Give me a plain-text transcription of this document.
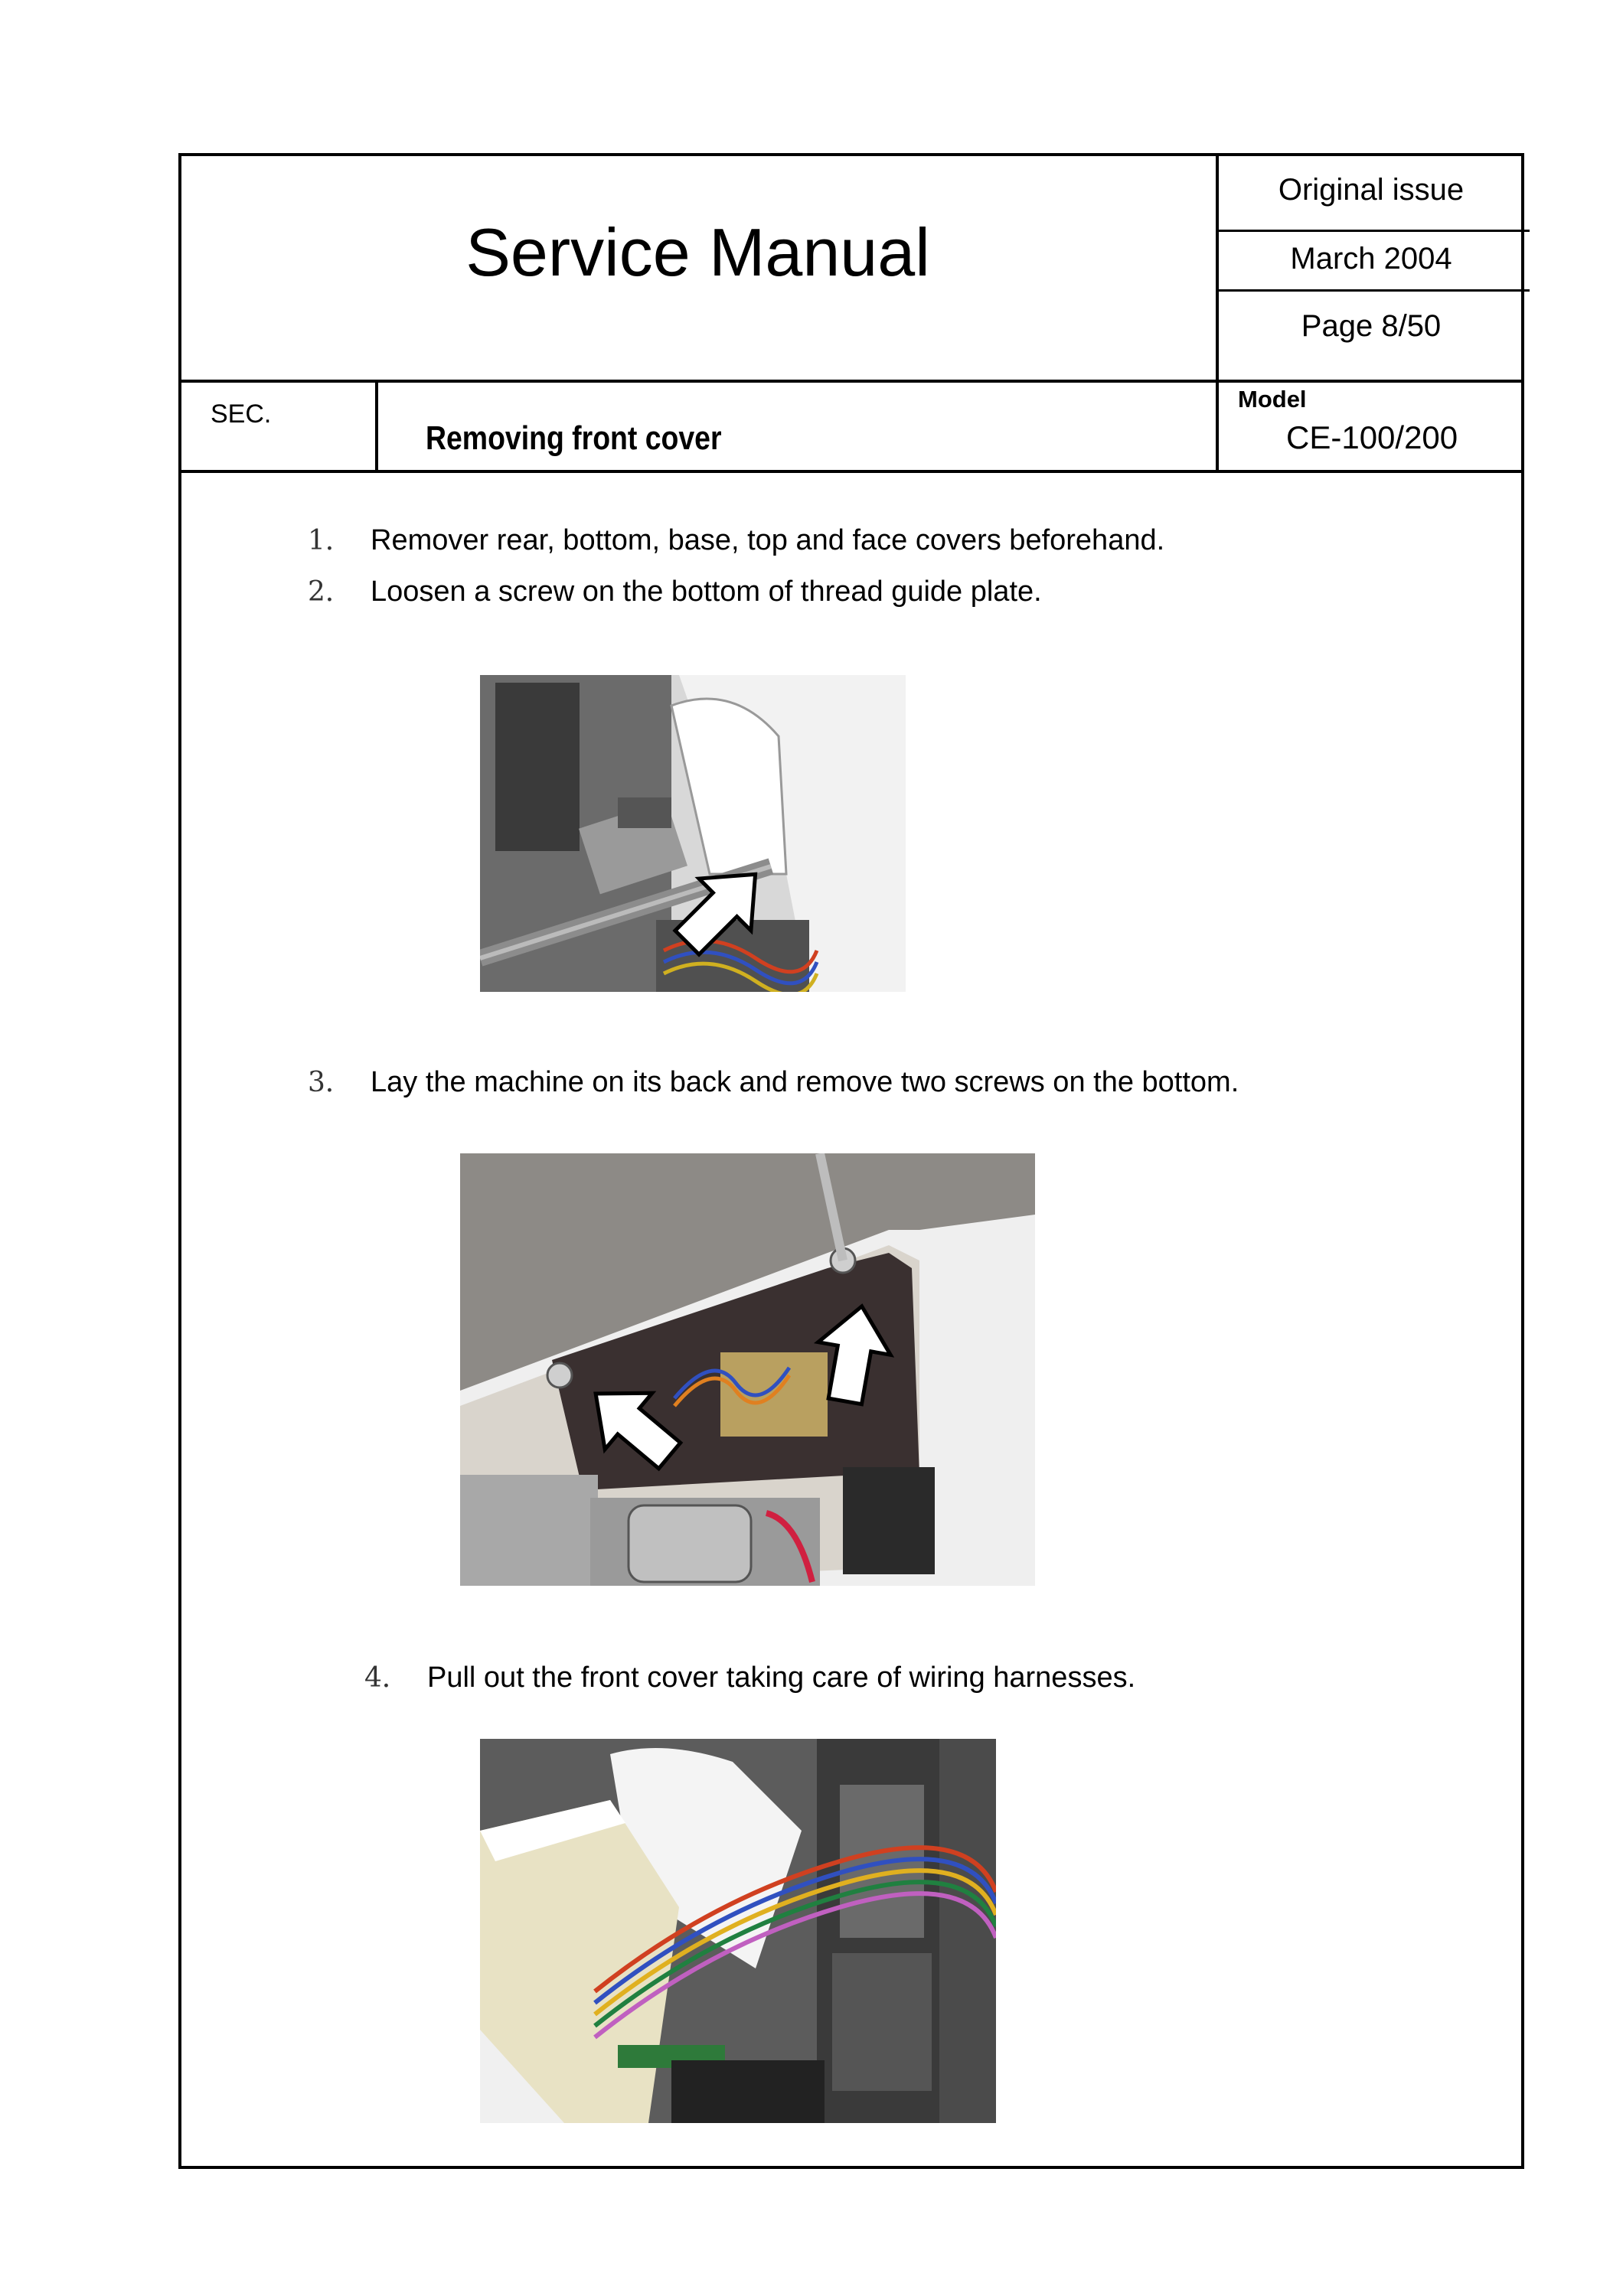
Service Manual
Original issue
March 2004
Page 8/50
SEC.
Removing front cover
Model
CE-100/200
1． Remover rear, bottom, base, top and face covers beforehand.
2． Loosen a screw on the bottom of thread guide plate.
3． Lay the machine on its back and remove two screws on the bottom.
4． Pull out the front cover taking care of wiring harnesses.
